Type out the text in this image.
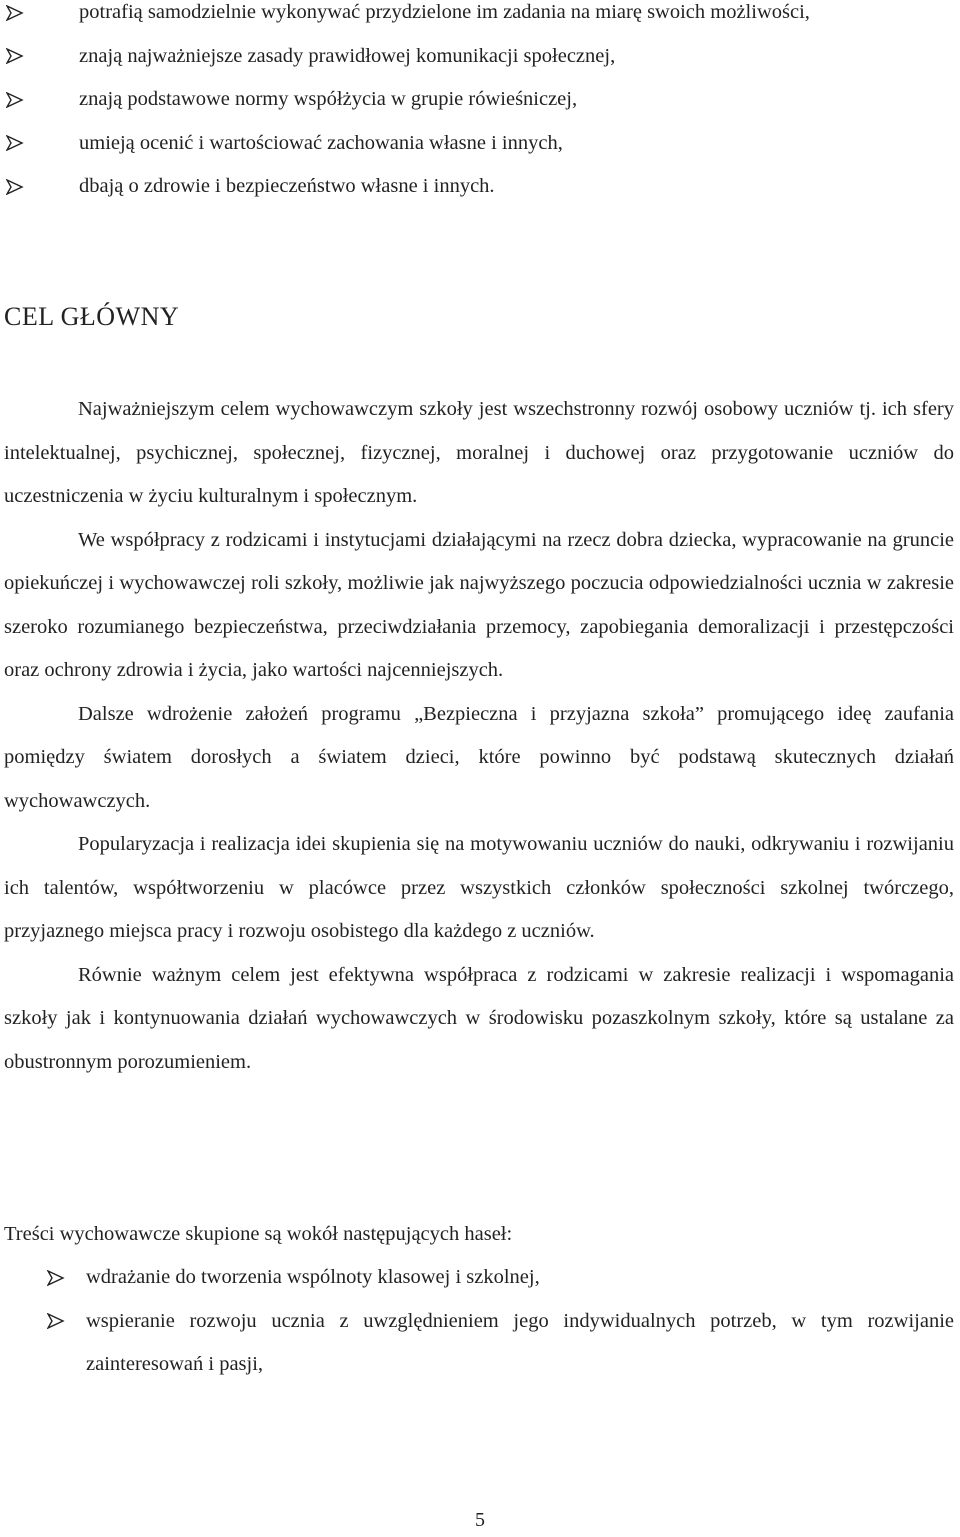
potrafią samodzielnie wykonywać przydzielone im zadania na miarę swoich możliwości,
znają najważniejsze zasady prawidłowej komunikacji społecznej,
znają podstawowe normy współżycia w grupie rówieśniczej,
umieją ocenić i wartościować zachowania własne i innych,
dbają o zdrowie i bezpieczeństwo własne i innych.
CEL GŁÓWNY

Najważniejszym celem wychowawczym szkoły jest wszechstronny rozwój osobowy uczniów tj. ich sfery intelektualnej, psychicznej, społecznej, fizycznej, moralnej i duchowej oraz przygotowanie uczniów do uczestniczenia w życiu kulturalnym i społecznym.

We współpracy z rodzicami i instytucjami działającymi na rzecz dobra dziecka, wypracowanie na gruncie opiekuńczej i wychowawczej roli szkoły, możliwie jak najwyższego poczucia odpowiedzialności ucznia w zakresie szeroko rozumianego bezpieczeństwa, przeciwdziałania przemocy, zapobiegania demoralizacji i przestępczości oraz ochrony zdrowia i życia, jako wartości najcenniejszych.

Dalsze wdrożenie założeń programu „Bezpieczna i przyjazna szkoła” promującego ideę zaufania pomiędzy światem dorosłych a światem dzieci, które powinno być podstawą skutecznych działań wychowawczych.

Popularyzacja i realizacja idei skupienia się na motywowaniu uczniów do nauki, odkrywaniu i rozwijaniu ich talentów, współtworzeniu w placówce przez wszystkich członków społeczności szkolnej twórczego, przyjaznego miejsca pracy i rozwoju osobistego dla każdego z uczniów.

Równie ważnym celem jest efektywna współpraca z rodzicami w zakresie realizacji i wspomagania szkoły jak i kontynuowania działań wychowawczych w środowisku pozaszkolnym szkoły, które są ustalane za obustronnym porozumieniem.

Treści wychowawcze skupione są wokół następujących haseł:

wdrażanie do tworzenia wspólnoty klasowej i szkolnej,
wspieranie rozwoju ucznia z uwzględnieniem jego indywidualnych potrzeb, w tym rozwijanie zainteresowań i pasji,

5
